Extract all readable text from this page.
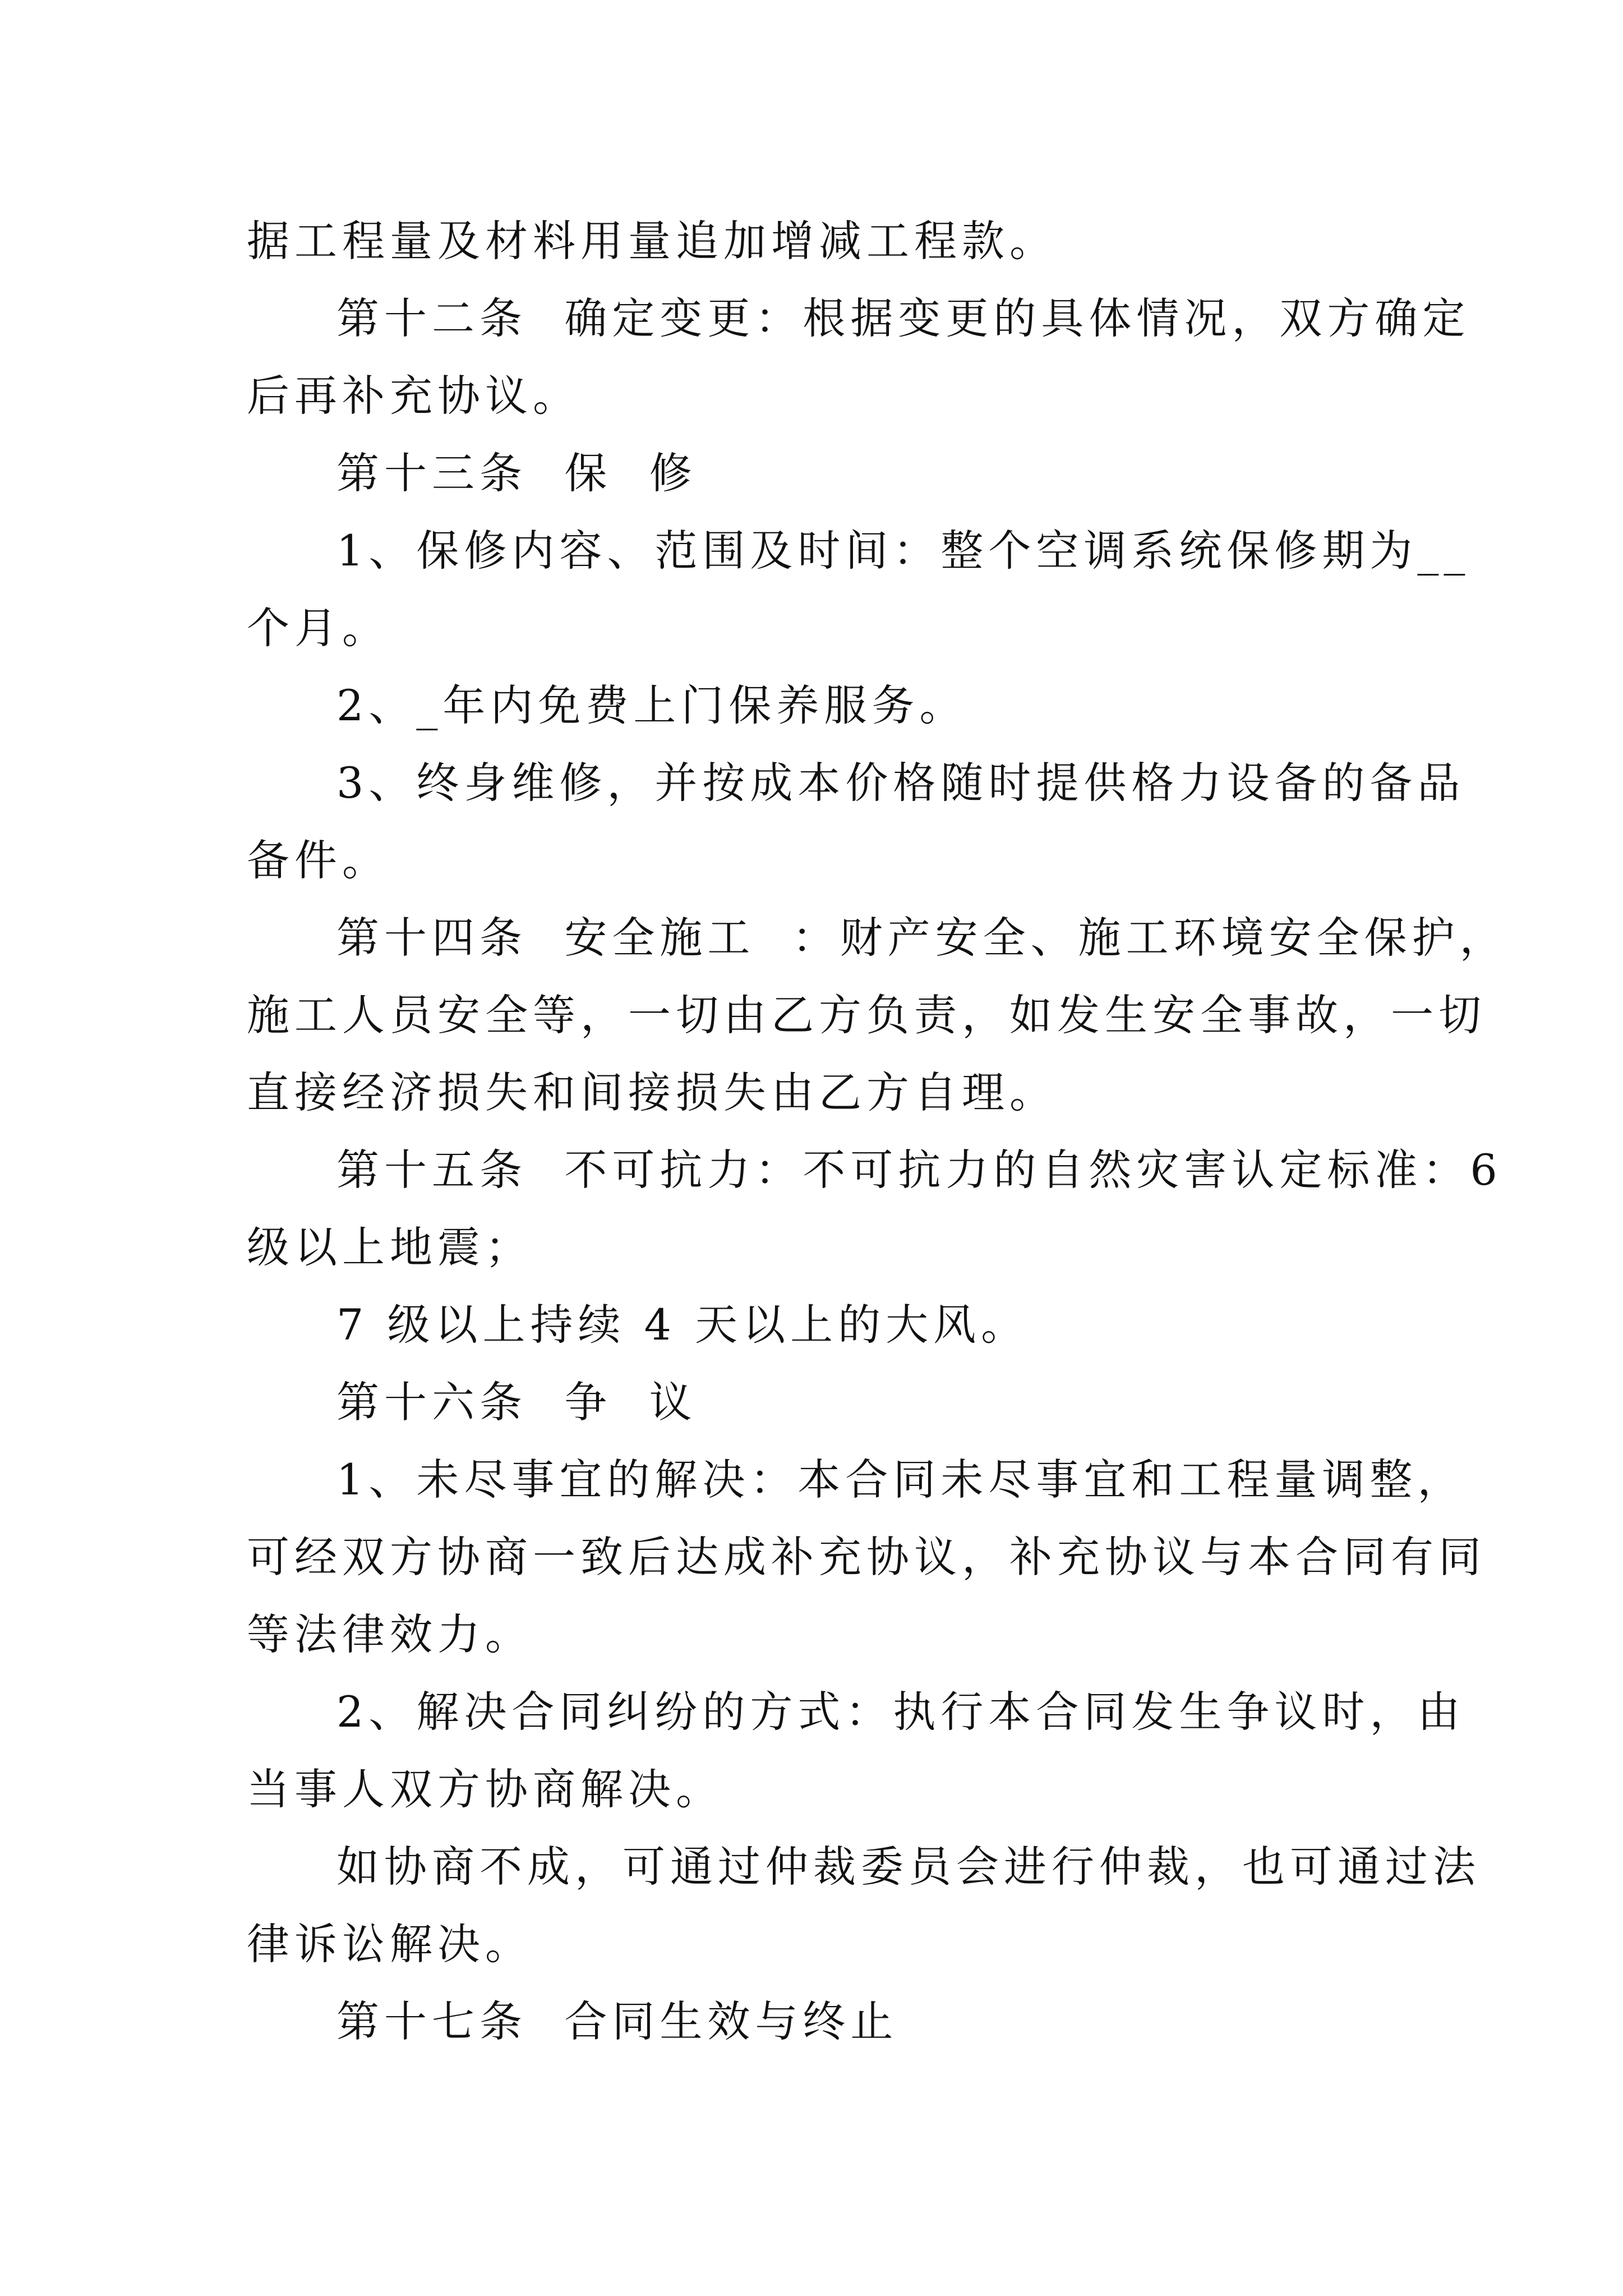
据工程量及材料用量追加增减工程款。
第十二条  确定变更：根据变更的具体情况，双方确定
后再补充协议。
第十三条  保  修
1、保修内容、范围及时间：整个空调系统保修期为__
个月。
2、_年内免费上门保养服务。
3、终身维修，并按成本价格随时提供格力设备的备品
备件。
第十四条  安全施工  ：财产安全、施工环境安全保护，
施工人员安全等，一切由乙方负责，如发生安全事故，一切
直接经济损失和间接损失由乙方自理。
第十五条  不可抗力：不可抗力的自然灾害认定标准：6
级以上地震；
7 级以上持续 4 天以上的大风。
第十六条  争  议
1、未尽事宜的解决：本合同未尽事宜和工程量调整，
可经双方协商一致后达成补充协议，补充协议与本合同有同
等法律效力。
2、解决合同纠纷的方式：执行本合同发生争议时，由
当事人双方协商解决。
如协商不成，可通过仲裁委员会进行仲裁，也可通过法
律诉讼解决。
第十七条  合同生效与终止
